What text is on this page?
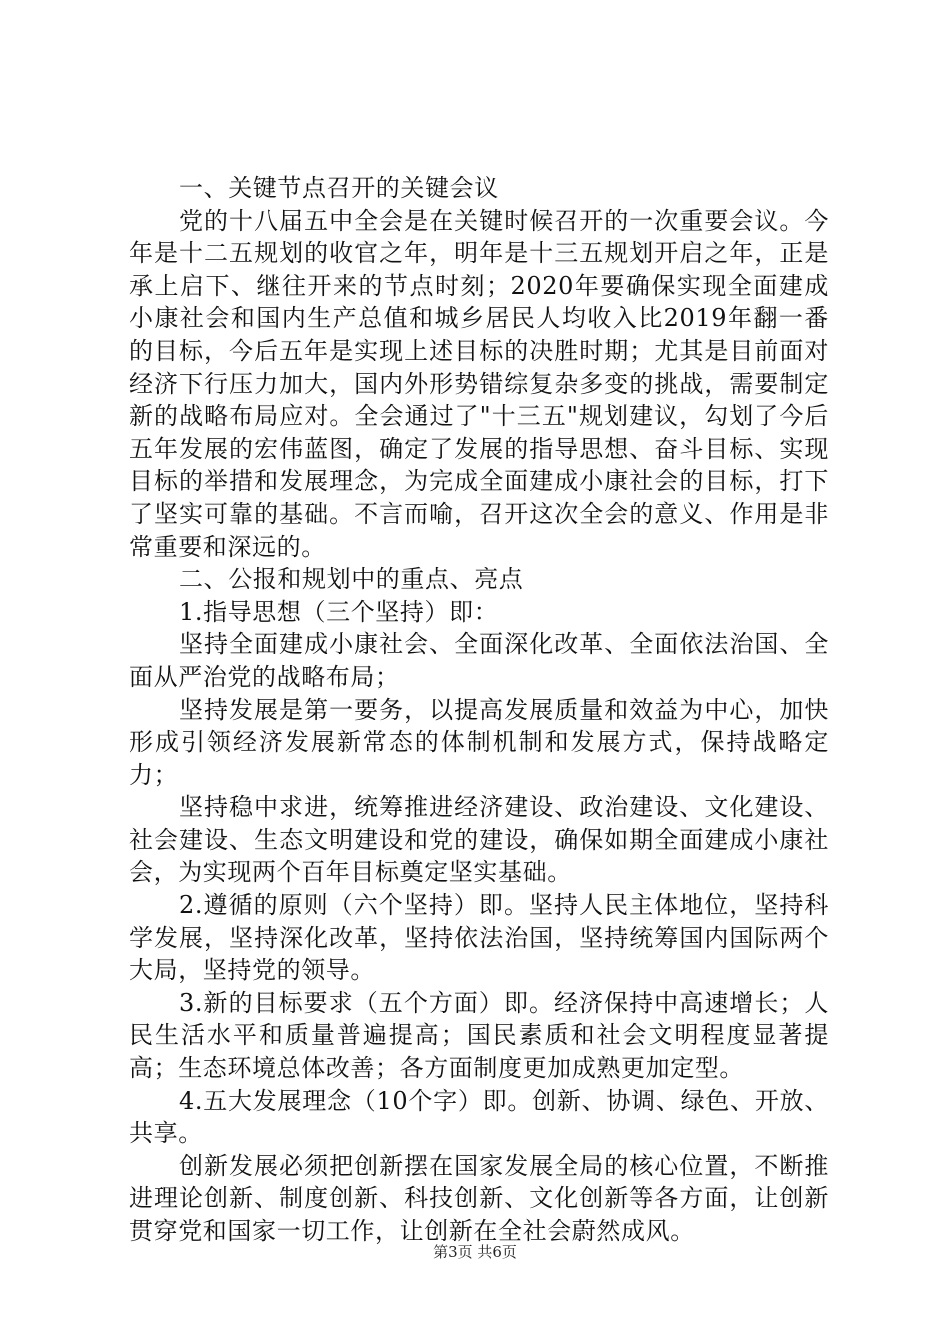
一、关键节点召开的关键会议

党的十八届五中全会是在关键时候召开的一次重要会议。今年是十二五规划的收官之年，明年是十三五规划开启之年，正是承上启下、继往开来的节点时刻；2020年要确保实现全面建成小康社会和国内生产总值和城乡居民人均收入比2019年翻一番的目标，今后五年是实现上述目标的决胜时期；尤其是目前面对经济下行压力加大，国内外形势错综复杂多变的挑战，需要制定新的战略布局应对。全会通过了"十三五"规划建议，勾划了今后五年发展的宏伟蓝图，确定了发展的指导思想、奋斗目标、实现目标的举措和发展理念，为完成全面建成小康社会的目标，打下了坚实可靠的基础。不言而喻，召开这次全会的意义、作用是非常重要和深远的。

二、公报和规划中的重点、亮点

1.指导思想（三个坚持）即：

坚持全面建成小康社会、全面深化改革、全面依法治国、全面从严治党的战略布局；

坚持发展是第一要务，以提高发展质量和效益为中心，加快形成引领经济发展新常态的体制机制和发展方式，保持战略定力；

坚持稳中求进，统筹推进经济建设、政治建设、文化建设、社会建设、生态文明建设和党的建设，确保如期全面建成小康社会，为实现两个百年目标奠定坚实基础。

2.遵循的原则（六个坚持）即。坚持人民主体地位，坚持科学发展，坚持深化改革，坚持依法治国，坚持统筹国内国际两个大局，坚持党的领导。

3.新的目标要求（五个方面）即。经济保持中高速增长；人民生活水平和质量普遍提高；国民素质和社会文明程度显著提高；生态环境总体改善；各方面制度更加成熟更加定型。

4.五大发展理念（10个字）即。创新、协调、绿色、开放、共享。

创新发展必须把创新摆在国家发展全局的核心位置，不断推进理论创新、制度创新、科技创新、文化创新等各方面，让创新贯穿党和国家一切工作，让创新在全社会蔚然成风。

第3页 共6页
